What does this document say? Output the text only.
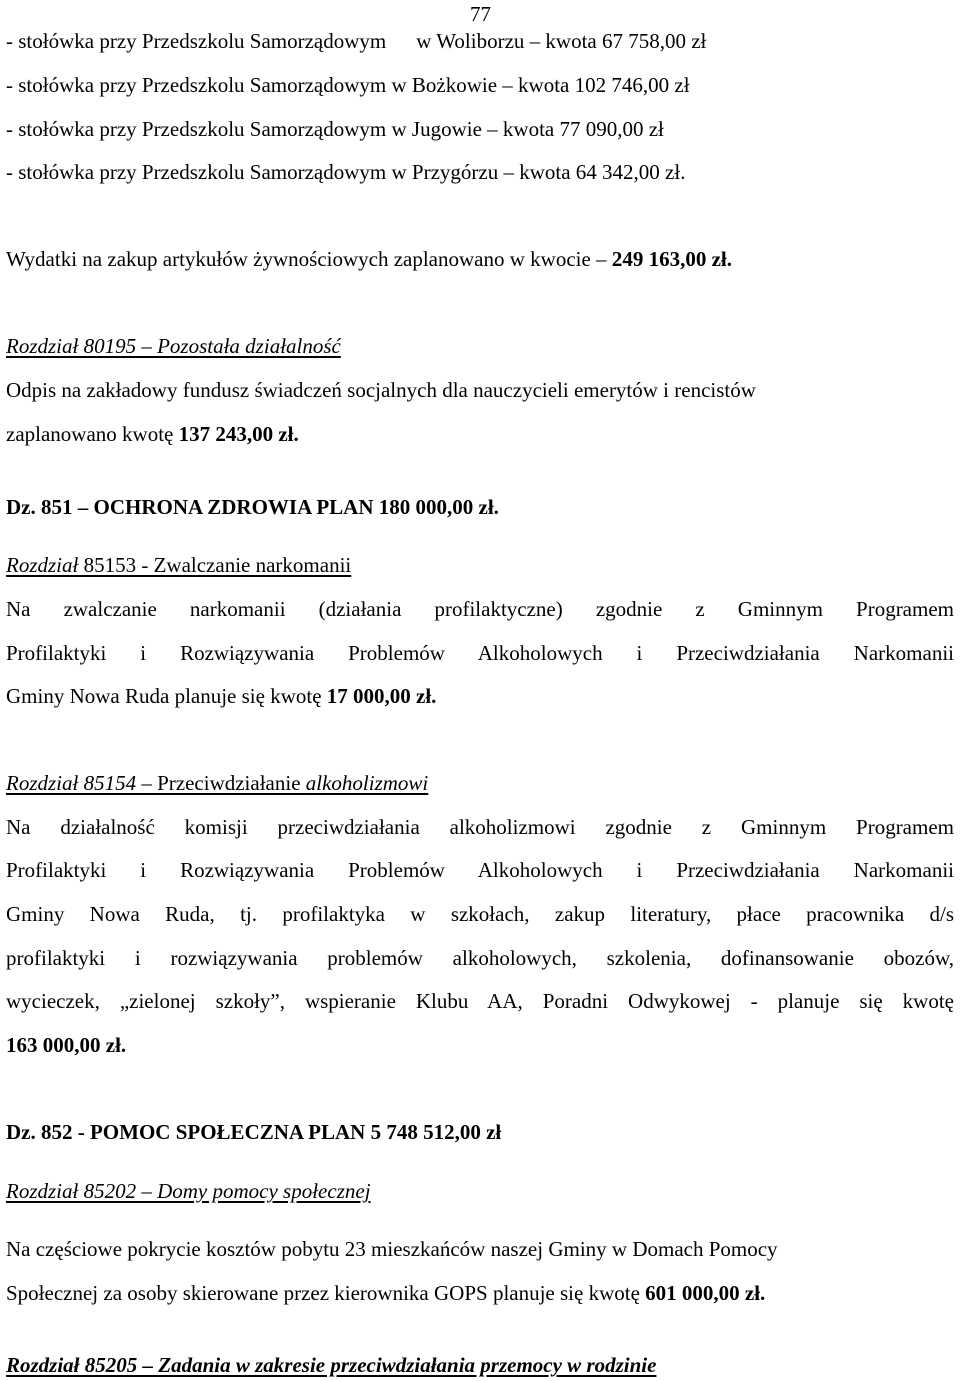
77
- stołówka przy Przedszkolu Samorządowym w Woliborzu – kwota 67 758,00 zł
- stołówka przy Przedszkolu Samorządowym w Bożkowie – kwota 102 746,00 zł
- stołówka przy Przedszkolu Samorządowym w Jugowie – kwota 77 090,00 zł
- stołówka przy Przedszkolu Samorządowym w Przygórzu – kwota 64 342,00 zł.
Wydatki na zakup artykułów żywnościowych zaplanowano w kwocie – 249 163,00 zł.
Rozdział 80195 – Pozostała działalność
Odpis na zakładowy fundusz świadczeń socjalnych dla nauczycieli emerytów i rencistów
zaplanowano kwotę 137 243,00 zł.
Dz. 851 – OCHRONA ZDROWIA PLAN 180 000,00 zł.
Rozdział 85153 - Zwalczanie narkomanii
Na zwalczanie narkomanii (działania profilaktyczne) zgodnie z Gminnym Programem
Profilaktyki i Rozwiązywania Problemów Alkoholowych i Przeciwdziałania Narkomanii
Gminy Nowa Ruda planuje się kwotę 17 000,00 zł.
Rozdział 85154 – Przeciwdziałanie alkoholizmowi
Na działalność komisji przeciwdziałania alkoholizmowi zgodnie z Gminnym Programem
Profilaktyki i Rozwiązywania Problemów Alkoholowych i Przeciwdziałania Narkomanii
Gminy Nowa Ruda, tj. profilaktyka w szkołach, zakup literatury, płace pracownika d/s
profilaktyki i rozwiązywania problemów alkoholowych, szkolenia, dofinansowanie obozów,
wycieczek, „zielonej szkoły”, wspieranie Klubu AA, Poradni Odwykowej - planuje się kwotę
163 000,00 zł.
Dz. 852 - POMOC SPOŁECZNA PLAN 5 748 512,00 zł
Rozdział 85202 – Domy pomocy społecznej
Na częściowe pokrycie kosztów pobytu 23 mieszkańców naszej Gminy w Domach Pomocy
Społecznej za osoby skierowane przez kierownika GOPS planuje się kwotę 601 000,00 zł.
Rozdział 85205 – Zadania w zakresie przeciwdziałania przemocy w rodzinie
